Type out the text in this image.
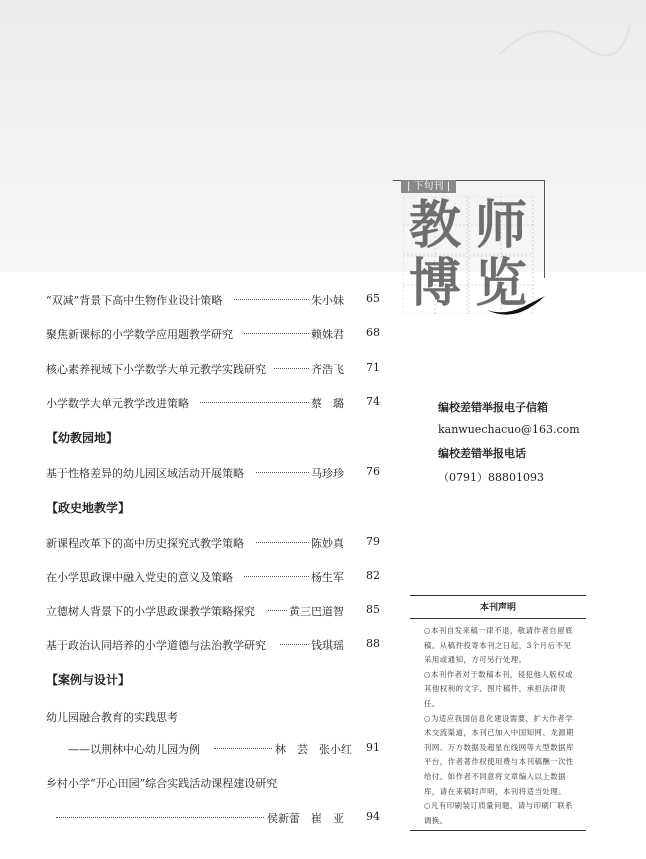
| 下旬刊 |
教 师
博 览
“双减”背景下高中生物作业设计策略	朱小妹	65
聚焦新课标的小学数学应用题教学研究	赖姝君	68
核心素养视域下小学数学大单元教学实践研究	齐浩飞	71
小学数学大单元教学改进策略	蔡　璐	74
【幼教园地】
基于性格差异的幼儿园区域活动开展策略	马珍珍	76
【政史地教学】
新课程改革下的高中历史探究式教学策略	陈妙真	79
在小学思政课中融入党史的意义及策略	杨生军	82
立德树人背景下的小学思政课教学策略探究	黄三巴道智	85
基于政治认同培养的小学道德与法治教学研究	钱琪瑶	88
【案例与设计】
幼儿园融合教育的实践思考
——以荆林中心幼儿园为例	林　芸　张小红	91
乡村小学“开心田园”综合实践活动课程建设研究
侯新蕾　崔　亚	94
编校差错举报电子信箱
kanwuechacuo@163.com
编校差错举报电话
（0791）88801093
本刊声明

○本刊自发来稿一律不退，敬请作者自留底稿。从稿件投寄本刊之日起，3个月后不见采用或通知，方可另行处理。

○本刊作者对于数稿本刊，侵犯他人版权或其他权利的文字、图片稿件，承担法律责任。

○为适应我国信息化建设需要，扩大作者学术交流渠道，本刊已加入中国知网、龙源期刊网、万方数据及超星在线网等大型数据库平台，作者著作权使用费与本刊稿酬一次性给付。如作者不同意将文章编入以上数据库，请在来稿时声明，本刊将适当处理。

○凡有印刷装订质量问题，请与印刷厂联系调换。
